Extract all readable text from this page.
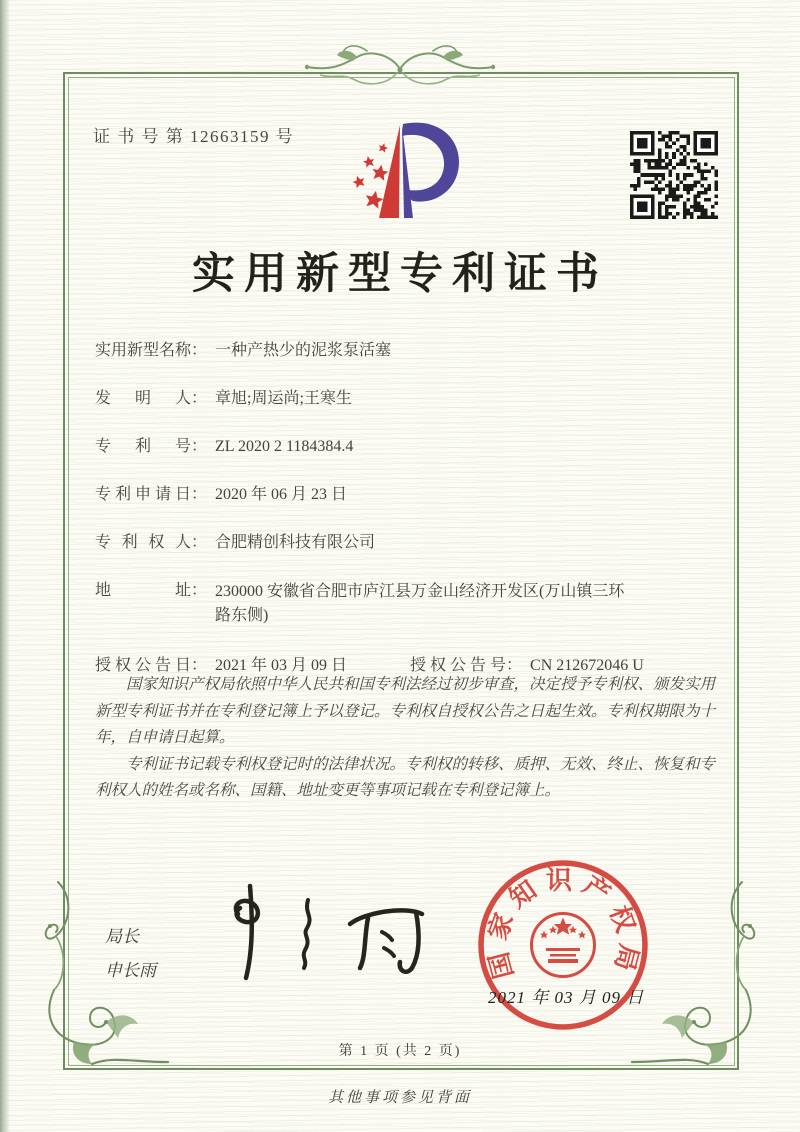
证 书 号 第 12663159 号
实用新型专利证书
实用新型名称： 一种产热少的泥浆泵活塞
发明人： 章旭;周运尚;王寒生
专利号： ZL 2020 2 1184384.4
专利申请日： 2020 年 06 月 23 日
专利权人： 合肥精创科技有限公司
地址： 230000 安徽省合肥市庐江县万金山经济开发区(万山镇三环路东侧)
授权公告日： 2021 年 03 月 09 日	授权公告号： CN 212672046 U

国家知识产权局依照中华人民共和国专利法经过初步审查，决定授予专利权、颁发实用新型专利证书并在专利登记簿上予以登记。专利权自授权公告之日起生效。专利权期限为十年，自申请日起算。

专利证书记载专利权登记时的法律状况。专利权的转移、质押、无效、终止、恢复和专利权人的姓名或名称、国籍、地址变更等事项记载在专利登记簿上。

局长
申长雨	国家知识产权局
2021 年 03 月 09 日
第 1 页 (共 2 页)
其他事项参见背面
